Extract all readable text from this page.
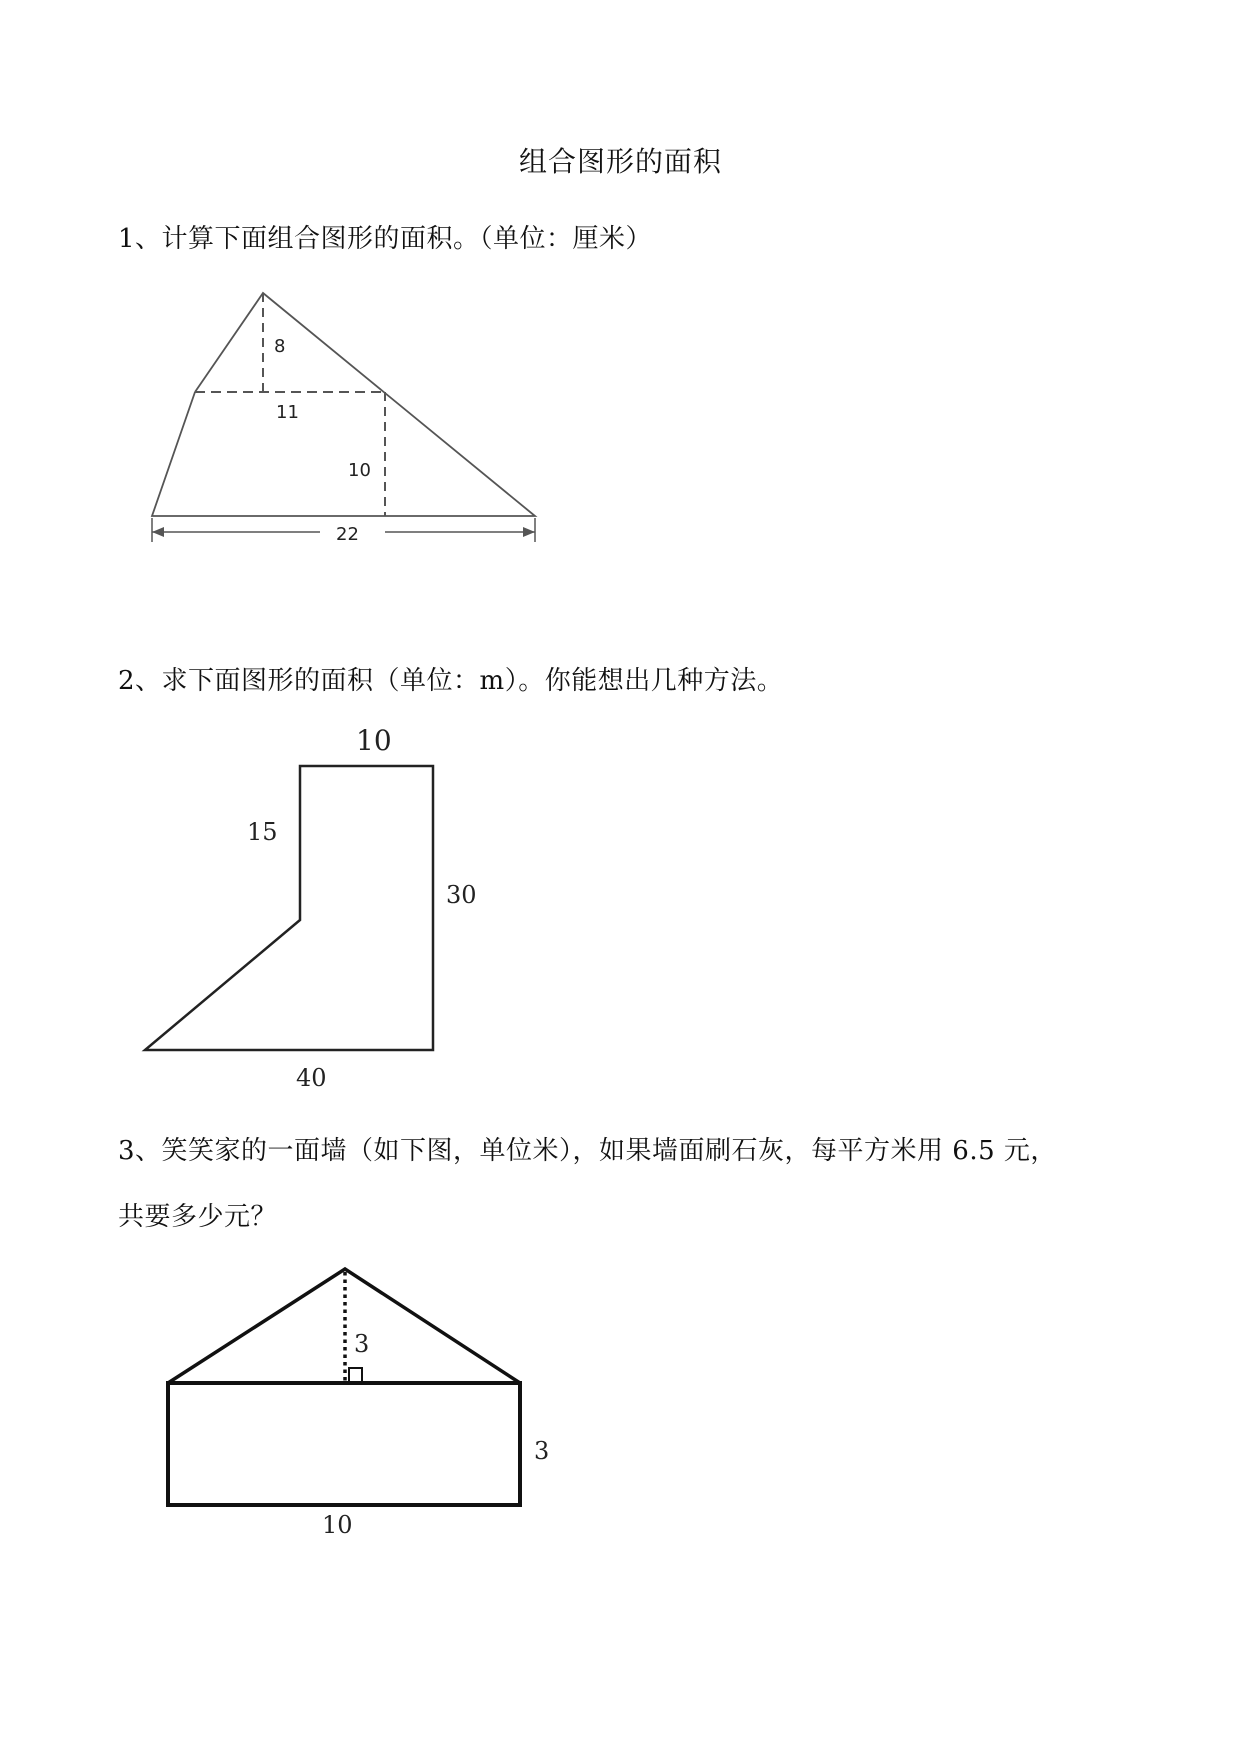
组合图形的面积
1、计算下面组合图形的面积。（单位：厘米）
8
11
10
22
2、求下面图形的面积（单位：m）。你能想出几种方法。
10
15
30
40
3、笑笑家的一面墙（如下图，单位米），如果墙面刷石灰，每平方米用 6.5 元，
共要多少元？
3
3
10
